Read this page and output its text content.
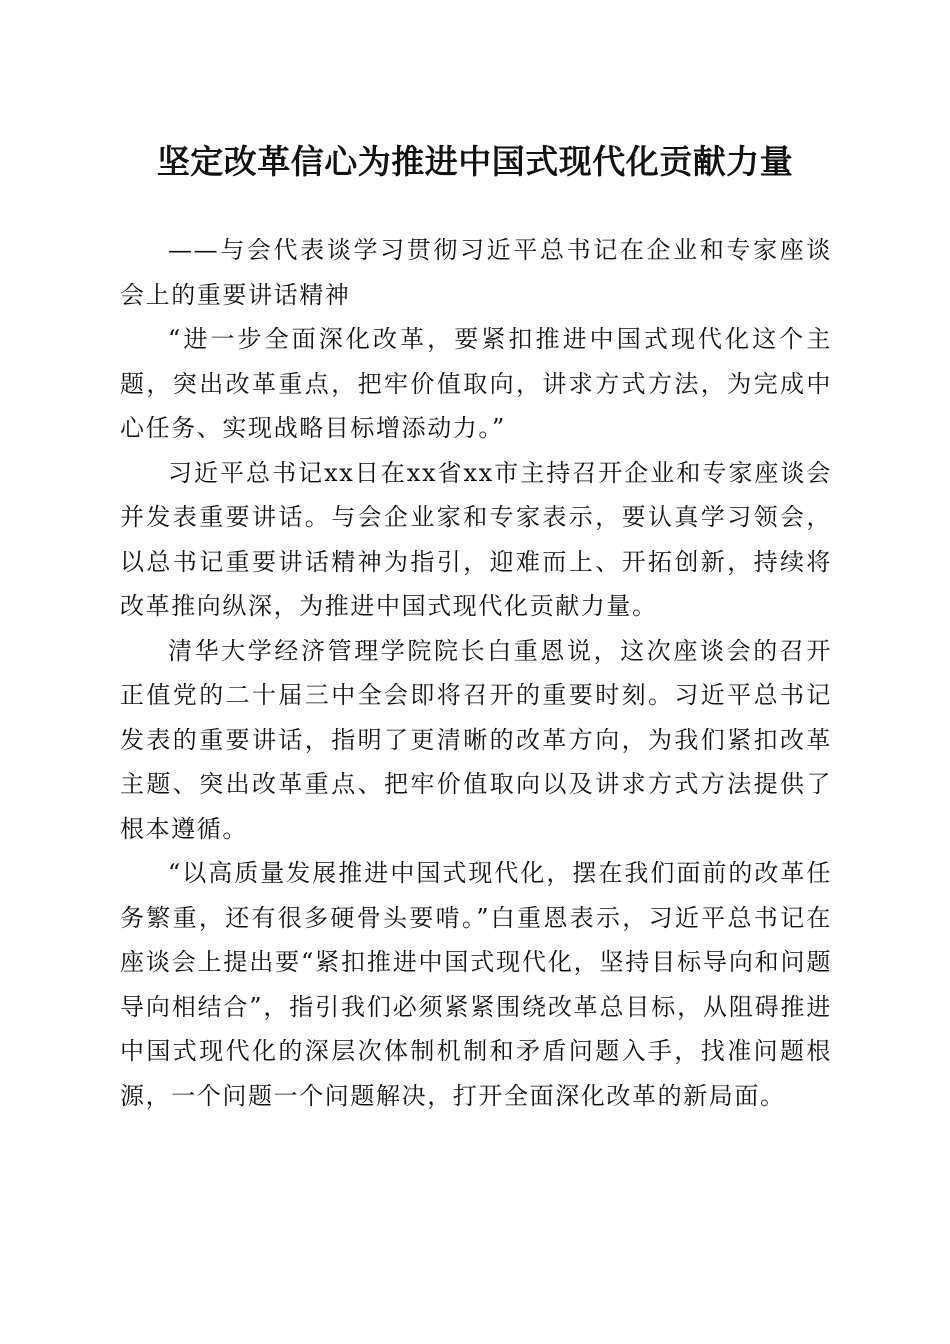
坚定改革信心为推进中国式现代化贡献力量

——与会代表谈学习贯彻习近平总书记在企业和专家座谈会上的重要讲话精神

“进一步全面深化改革，要紧扣推进中国式现代化这个主题，突出改革重点，把牢价值取向，讲求方式方法，为完成中心任务、实现战略目标增添动力。”

习近平总书记xx日在xx省xx市主持召开企业和专家座谈会并发表重要讲话。与会企业家和专家表示，要认真学习领会，以总书记重要讲话精神为指引，迎难而上、开拓创新，持续将改革推向纵深，为推进中国式现代化贡献力量。

清华大学经济管理学院院长白重恩说，这次座谈会的召开正值党的二十届三中全会即将召开的重要时刻。习近平总书记发表的重要讲话，指明了更清晰的改革方向，为我们紧扣改革主题、突出改革重点、把牢价值取向以及讲求方式方法提供了根本遵循。

“以高质量发展推进中国式现代化，摆在我们面前的改革任务繁重，还有很多硬骨头要啃。”白重恩表示，习近平总书记在座谈会上提出要“紧扣推进中国式现代化，坚持目标导向和问题导向相结合”，指引我们必须紧紧围绕改革总目标，从阻碍推进中国式现代化的深层次体制机制和矛盾问题入手，找准问题根源，一个问题一个问题解决，打开全面深化改革的新局面。
